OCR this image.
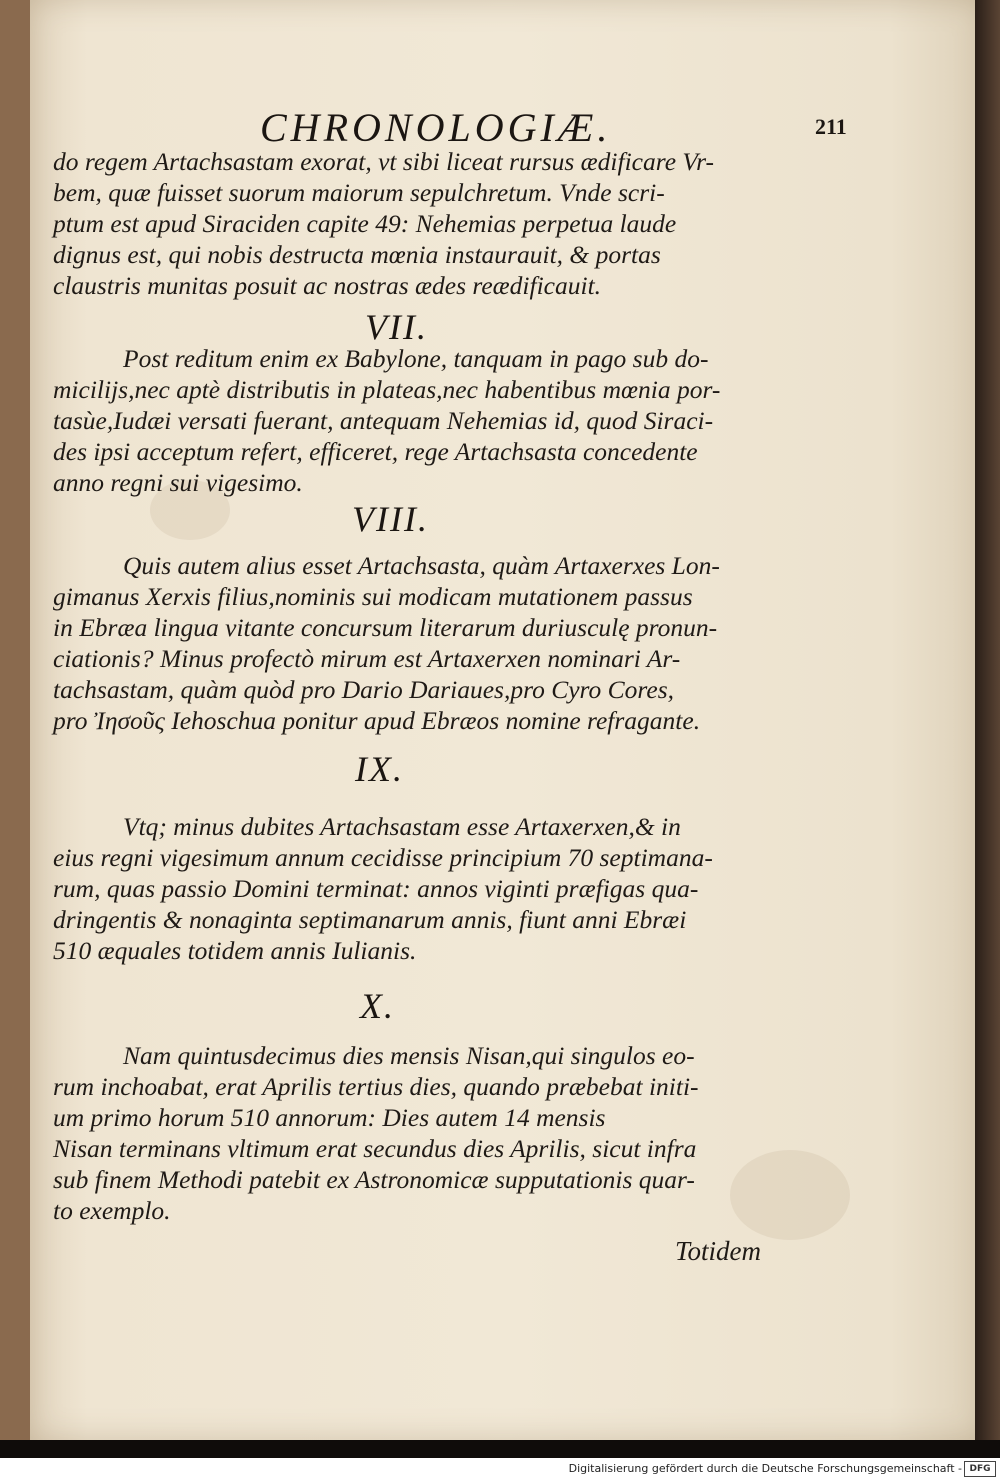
CHRONOLOGIÆ.	211
do regem Artachsastam exorat, vt sibi liceat rursus ædificare Vr-
bem, quæ fuisset suorum maiorum sepulchretum. Vnde scri-
ptum est apud Siraciden capite 49: Nehemias perpetua laude
dignus est, qui nobis destructa mœnia instaurauit, & portas
claustris munitas posuit ac nostras ædes reædificauit.
VII.
Post reditum enim ex Babylone, tanquam in pago sub do-
micilijs,nec aptè distributis in plateas,nec habentibus mœnia por-
tasùe,Iudæi versati fuerant, antequam Nehemias id, quod Siraci-
des ipsi acceptum refert, efficeret, rege Artachsasta concedente
anno regni sui vigesimo.
VIII.
Quis autem alius esset Artachsasta, quàm Artaxerxes Lon-
gimanus Xerxis filius,nominis sui modicam mutationem passus
in Ebræa lingua vitante concursum literarum duriusculę pronun-
ciationis? Minus profectò mirum est Artaxerxen nominari Ar-
tachsastam, quàm quòd pro Dario Dariaues,pro Cyro Cores,
pro Ἰησοῦς Iehoschua ponitur apud Ebræos nomine refragante.
IX.
Vtq; minus dubites Artachsastam esse Artaxerxen,& in
eius regni vigesimum annum cecidisse principium 70 septimana-
rum, quas passio Domini terminat: annos viginti præfigas qua-
dringentis & nonaginta septimanarum annis, fiunt anni Ebræi
510 æquales totidem annis Iulianis.
X.
Nam quintusdecimus dies mensis Nisan,qui singulos eo-
rum inchoabat, erat Aprilis tertius dies, quando præbebat initi-
um primo horum 510 annorum: Dies autem 14 mensis
Nisan terminans vltimum erat secundus dies Aprilis, sicut infra
sub finem Methodi patebit ex Astronomicæ supputationis quar-
to exemplo.
Totidem
Digitalisierung gefördert durch die Deutsche Forschungsgemeinschaft - DFG
